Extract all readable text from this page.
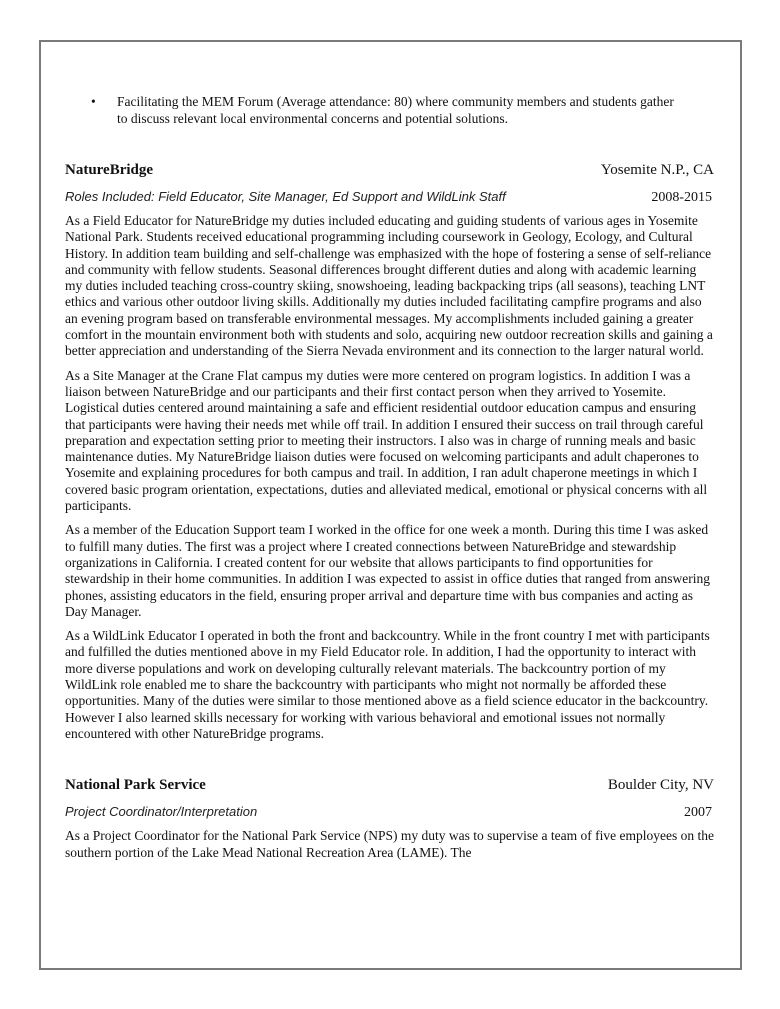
•	Facilitating the MEM Forum (Average attendance: 80) where community members and students gather to discuss relevant local environmental concerns and potential solutions.
NatureBridge	Yosemite N.P., CA
Roles Included: Field Educator, Site Manager, Ed Support and WildLink Staff	2008-2015

As a Field Educator for NatureBridge my duties included educating and guiding students of various ages in Yosemite National Park. Students received educational programming including coursework in Geology, Ecology, and Cultural History. In addition team building and self-challenge was emphasized with the hope of fostering a sense of self-reliance and community with fellow students. Seasonal differences brought different duties and along with academic learning my duties included teaching cross-country skiing, snowshoeing, leading backpacking trips (all seasons), teaching LNT ethics and various other outdoor living skills. Additionally my duties included facilitating campfire programs and also an evening program based on transferable environmental messages. My accomplishments included gaining a greater comfort in the mountain environment both with students and solo, acquiring new outdoor recreation skills and gaining a better appreciation and understanding of the Sierra Nevada environment and its connection to the larger natural world.

As a Site Manager at the Crane Flat campus my duties were more centered on program logistics. In addition I was a liaison between NatureBridge and our participants and their first contact person when they arrived to Yosemite. Logistical duties centered around maintaining a safe and efficient residential outdoor education campus and ensuring that participants were having their needs met while off trail. In addition I ensured their success on trail through careful preparation and expectation setting prior to meeting their instructors. I also was in charge of running meals and basic maintenance duties. My NatureBridge liaison duties were focused on welcoming participants and adult chaperones to Yosemite and explaining procedures for both campus and trail. In addition, I ran adult chaperone meetings in which I covered basic program orientation, expectations, duties and alleviated medical, emotional or physical concerns with all participants.

As a member of the Education Support team I worked in the office for one week a month. During this time I was asked to fulfill many duties. The first was a project where I created connections between NatureBridge and stewardship organizations in California. I created content for our website that allows participants to find opportunities for stewardship in their home communities. In addition I was expected to assist in office duties that ranged from answering phones, assisting educators in the field, ensuring proper arrival and departure time with bus companies and acting as Day Manager.

As a WildLink Educator I operated in both the front and backcountry. While in the front country I met with participants and fulfilled the duties mentioned above in my Field Educator role. In addition, I had the opportunity to interact with more diverse populations and work on developing culturally relevant materials. The backcountry portion of my WildLink role enabled me to share the backcountry with participants who might not normally be afforded these opportunities. Many of the duties were similar to those mentioned above as a field science educator in the backcountry. However I also learned skills necessary for working with various behavioral and emotional issues not normally encountered with other NatureBridge programs.

National Park Service	Boulder City, NV
Project Coordinator/Interpretation	2007

As a Project Coordinator for the National Park Service (NPS) my duty was to supervise a team of five employees on the southern portion of the Lake Mead National Recreation Area (LAME). The
